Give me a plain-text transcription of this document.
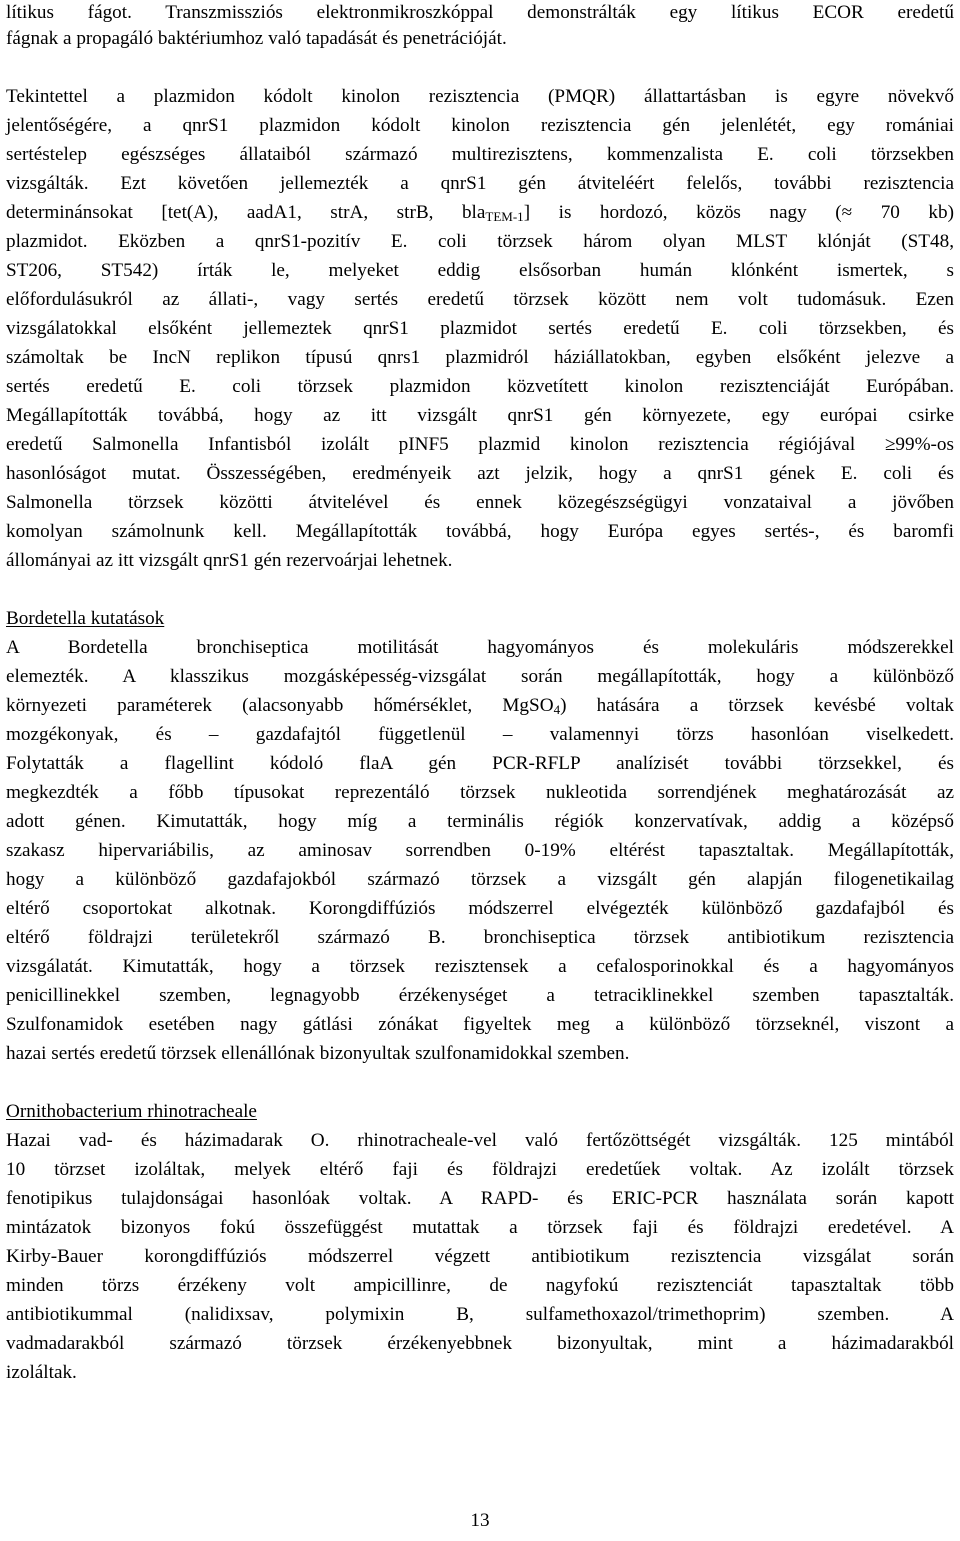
lítikus fágot. Transzmissziós elektronmikroszkóppal demonstrálták egy lítikus ECOR eredetű
fágnak a propagáló baktériumhoz való tapadását és penetrációját.
Tekintettel a plazmidon kódolt kinolon rezisztencia (PMQR) állattartásban is egyre növekvő
jelentőségére, a qnrS1 plazmidon kódolt kinolon rezisztencia gén jelenlétét, egy romániai
sertéstelep egészséges állataiból származó multirezisztens, kommenzalista E. coli törzsekben
vizsgálták. Ezt követően jellemezték a qnrS1 gén átviteléért felelős, további rezisztencia
determinánsokat [tet(A), aadA1, strA, strB, bla$_{TEM-1}$] is hordozó, közös nagy (≈ 70 kb)
plazmidot. Eközben a qnrS1-pozitív E. coli törzsek három olyan MLST klónját (ST48,
ST206, ST542) írták le, melyeket eddig elsősorban humán klónként ismertek, s
előfordulásukról az állati-, vagy sertés eredetű törzsek között nem volt tudomásuk. Ezen
vizsgálatokkal elsőként jellemeztek qnrS1 plazmidot sertés eredetű E. coli törzsekben, és
számoltak be IncN replikon típusú qnrs1 plazmidról háziállatokban, egyben elsőként jelezve a
sertés eredetű E. coli törzsek plazmidon közvetített kinolon rezisztenciáját Európában.
Megállapították továbbá, hogy az itt vizsgált qnrS1 gén környezete, egy európai csirke
eredetű Salmonella Infantisból izolált pINF5 plazmid kinolon rezisztencia régiójával ≥99%-os
hasonlóságot mutat. Összességében, eredményeik azt jelzik, hogy a qnrS1 gének E. coli és
Salmonella törzsek közötti átvitelével és ennek közegészségügyi vonzataival a jövőben
komolyan számolnunk kell. Megállapították továbbá, hogy Európa egyes sertés-, és baromfi
állományai az itt vizsgált qnrS1 gén rezervoárjai lehetnek.
Bordetella kutatások
A Bordetella bronchiseptica motilitását hagyományos és molekuláris módszerekkel
elemezték. A klasszikus mozgásképesség-vizsgálat során megállapították, hogy a különböző
környezeti paraméterek (alacsonyabb hőmérséklet, MgSO$_4$) hatására a törzsek kevésbé voltak
mozgékonyak, és – gazdafajtól függetlenül – valamennyi törzs hasonlóan viselkedett.
Folytatták a flagellint kódoló flaA gén PCR-RFLP analízisét további törzsekkel, és
megkezdték a főbb típusokat reprezentáló törzsek nukleotida sorrendjének meghatározását az
adott génen. Kimutatták, hogy míg a terminális régiók konzervatívak, addig a középső
szakasz hipervariábilis, az aminosav sorrendben 0-19% eltérést tapasztaltak. Megállapították,
hogy a különböző gazdafajokból származó törzsek a vizsgált gén alapján filogenetikailag
eltérő csoportokat alkotnak. Korongdiffúziós módszerrel elvégezték különböző gazdafajból és
eltérő földrajzi területekről származó B. bronchiseptica törzsek antibiotikum rezisztencia
vizsgálatát. Kimutatták, hogy a törzsek rezisztensek a cefalosporinokkal és a hagyományos
penicillinekkel szemben, legnagyobb érzékenységet a tetraciklinekkel szemben tapasztalták.
Szulfonamidok esetében nagy gátlási zónákat figyeltek meg a különböző törzseknél, viszont a
hazai sertés eredetű törzsek ellenállónak bizonyultak szulfonamidokkal szemben.
Ornithobacterium rhinotracheale
Hazai vad- és házimadarak O. rhinotracheale-vel való fertőzöttségét vizsgálták. 125 mintából
10 törzset izoláltak, melyek eltérő faji és földrajzi eredetűek voltak. Az izolált törzsek
fenotipikus tulajdonságai hasonlóak voltak. A RAPD- és ERIC-PCR használata során kapott
mintázatok bizonyos fokú összefüggést mutattak a törzsek faji és földrajzi eredetével. A
Kirby-Bauer korongdiffúziós módszerrel végzett antibiotikum rezisztencia vizsgálat során
minden törzs érzékeny volt ampicillinre, de nagyfokú rezisztenciát tapasztaltak több
antibiotikummal (nalidixsav, polymixin B, sulfamethoxazol/trimethoprim) szemben. A
vadmadarakból származó törzsek érzékenyebbnek bizonyultak, mint a házimadarakból
izoláltak.
13
